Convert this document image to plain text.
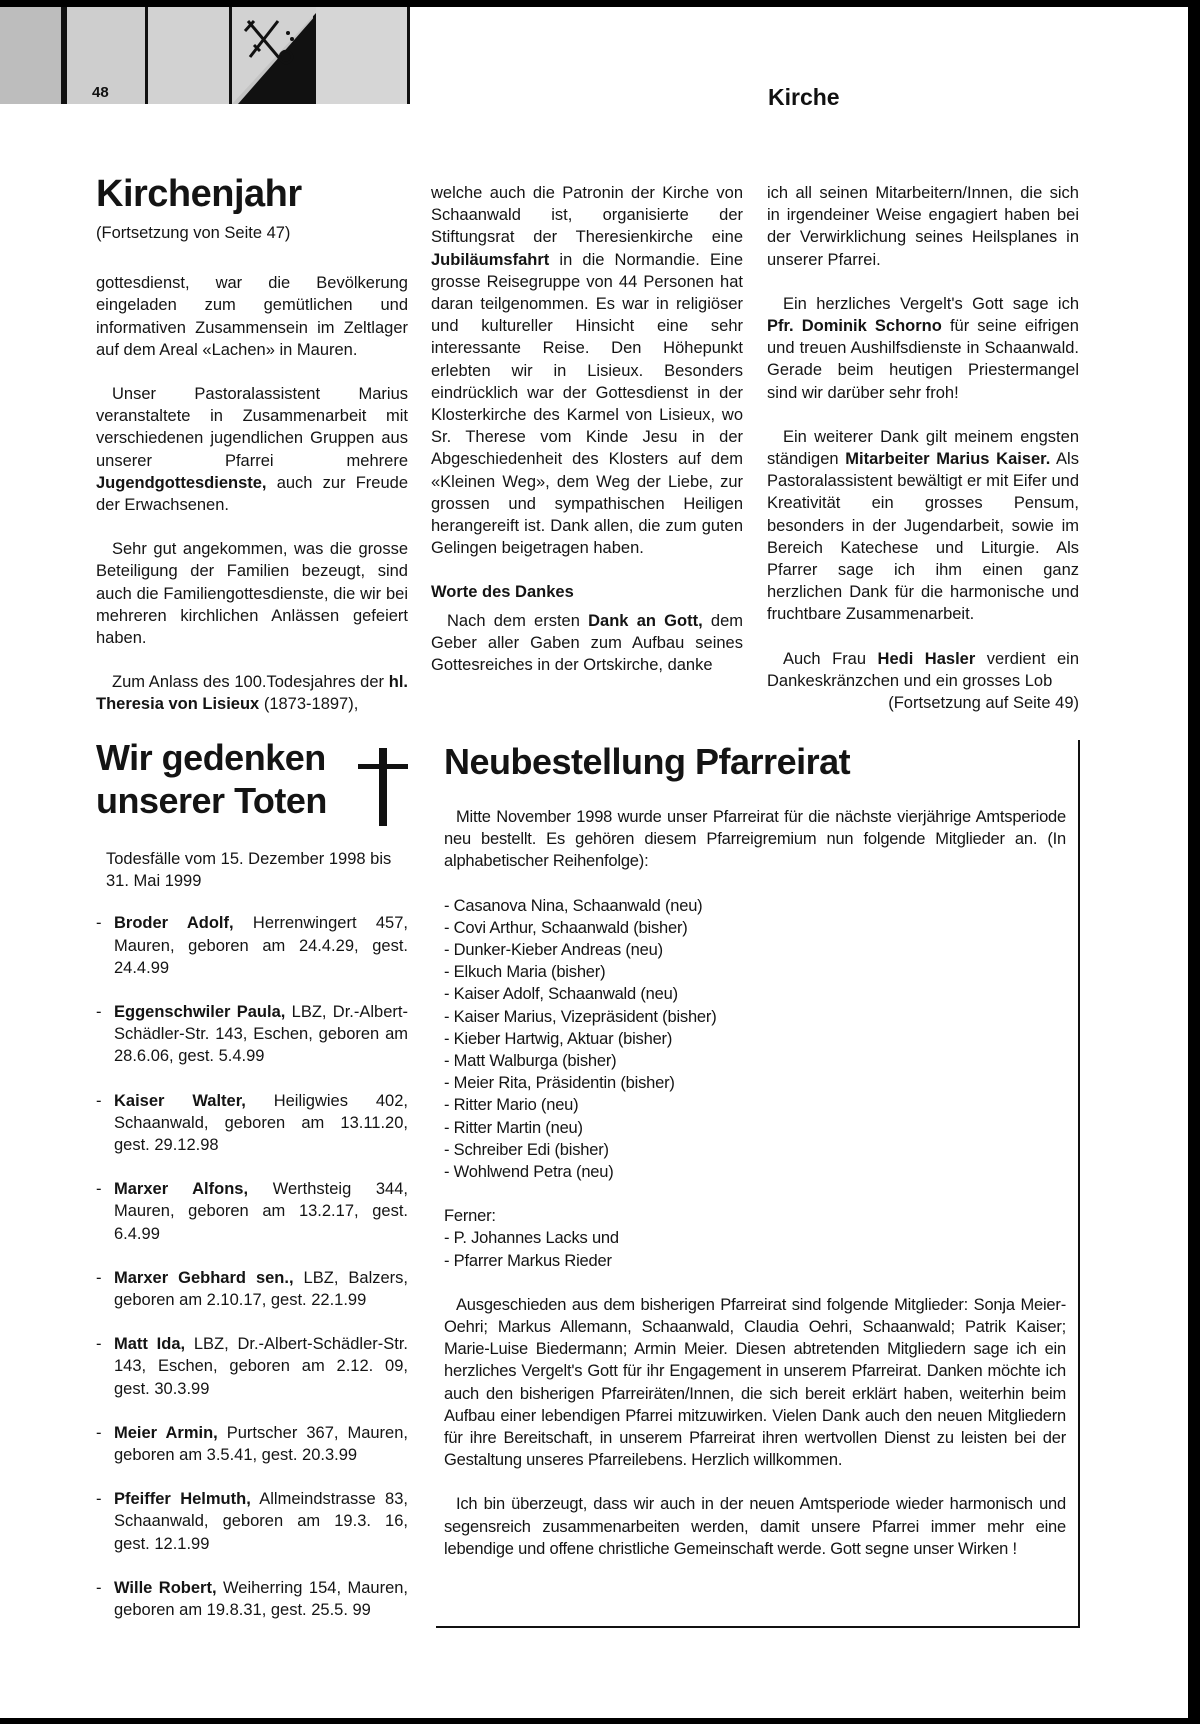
48	Kirche
Kirchenjahr

(Fortsetzung von Seite 47)

gottesdienst, war die Bevölkerung eingeladen zum gemütlichen und informativen Zusammensein im Zeltlager auf dem Areal «Lachen» in Mauren.

Unser Pastoralassistent Marius veranstaltete in Zusammenarbeit mit verschiedenen jugendlichen Gruppen aus unserer Pfarrei mehrere Jugendgottesdienste, auch zur Freude der Erwachsenen.

Sehr gut angekommen, was die grosse Beteiligung der Familien bezeugt, sind auch die Familiengottesdienste, die wir bei mehreren kirchlichen Anlässen gefeiert haben.

Zum Anlass des 100.Todesjahres der hl. Theresia von Lisieux (1873-1897),

welche auch die Patronin der Kirche von Schaanwald ist, organisierte der Stiftungsrat der Theresienkirche eine Jubiläumsfahrt in die Normandie. Eine grosse Reisegruppe von 44 Personen hat daran teilgenommen. Es war in religiöser und kultureller Hinsicht eine sehr interessante Reise. Den Höhepunkt erlebten wir in Lisieux. Besonders eindrücklich war der Gottesdienst in der Klosterkirche des Karmel von Lisieux, wo Sr. Therese vom Kinde Jesu in der Abgeschiedenheit des Klosters auf dem «Kleinen Weg», dem Weg der Liebe, zur grossen und sympathischen Heiligen herangereift ist. Dank allen, die zum guten Gelingen beigetragen haben.

Worte des Dankes

Nach dem ersten Dank an Gott, dem Geber aller Gaben zum Aufbau seines Gottesreiches in der Ortskirche, danke

ich all seinen Mitarbeitern/Innen, die sich in irgendeiner Weise engagiert haben bei der Verwirklichung seines Heilsplanes in unserer Pfarrei.

Ein herzliches Vergelt's Gott sage ich Pfr. Dominik Schorno für seine eifrigen und treuen Aushilfsdienste in Schaanwald. Gerade beim heutigen Priestermangel sind wir darüber sehr froh!

Ein weiterer Dank gilt meinem engsten ständigen Mitarbeiter Marius Kaiser. Als Pastoralassistent bewältigt er mit Eifer und Kreativität ein grosses Pensum, besonders in der Jugendarbeit, sowie im Bereich Katechese und Liturgie. Als Pfarrer sage ich ihm einen ganz herzlichen Dank für die harmonische und fruchtbare Zusammenarbeit.

Auch Frau Hedi Hasler verdient ein Dankeskränzchen und ein grosses Lob

(Fortsetzung auf Seite 49)

Wir gedenken
unserer Toten

Todesfälle vom 15. Dezember 1998 bis 31. Mai 1999

- Broder Adolf, Herrenwingert 457, Mauren, geboren am 24.4.29, gest. 24.4.99
- Eggenschwiler Paula, LBZ, Dr.-Albert-Schädler-Str. 143, Eschen, geboren am 28.6.06, gest. 5.4.99
- Kaiser Walter, Heiligwies 402, Schaanwald, geboren am 13.11.20, gest. 29.12.98
- Marxer Alfons, Werthsteig 344, Mauren, geboren am 13.2.17, gest. 6.4.99
- Marxer Gebhard sen., LBZ, Balzers, geboren am 2.10.17, gest. 22.1.99
- Matt Ida, LBZ, Dr.-Albert-Schädler-Str. 143, Eschen, geboren am 2.12. 09, gest. 30.3.99
- Meier Armin, Purtscher 367, Mauren, geboren am 3.5.41, gest. 20.3.99
- Pfeiffer Helmuth, Allmeindstrasse 83, Schaanwald, geboren am 19.3. 16, gest. 12.1.99
- Wille Robert, Weiherring 154, Mauren, geboren am 19.8.31, gest. 25.5. 99
Neubestellung Pfarreirat

Mitte November 1998 wurde unser Pfarreirat für die nächste vierjährige Amtsperiode neu bestellt. Es gehören diesem Pfarreigremium nun folgende Mitglieder an. (In alphabetischer Reihenfolge):

- Casanova Nina, Schaanwald (neu)
- Covi Arthur, Schaanwald (bisher)
- Dunker-Kieber Andreas (neu)
- Elkuch Maria (bisher)
- Kaiser Adolf, Schaanwald (neu)
- Kaiser Marius, Vizepräsident (bisher)
- Kieber Hartwig, Aktuar (bisher)
- Matt Walburga (bisher)
- Meier Rita, Präsidentin (bisher)
- Ritter Mario (neu)
- Ritter Martin (neu)
- Schreiber Edi (bisher)
- Wohlwend Petra (neu)

Ferner:

- P. Johannes Lacks und
- Pfarrer Markus Rieder

Ausgeschieden aus dem bisherigen Pfarreirat sind folgende Mitglieder: Sonja Meier-Oehri; Markus Allemann, Schaanwald, Claudia Oehri, Schaanwald; Patrik Kaiser; Marie-Luise Biedermann; Armin Meier. Diesen abtretenden Mitgliedern sage ich ein herzliches Vergelt's Gott für ihr Engagement in unserem Pfarreirat. Danken möchte ich auch den bisherigen Pfarreiräten/Innen, die sich bereit erklärt haben, weiterhin beim Aufbau einer lebendigen Pfarrei mitzuwirken. Vielen Dank auch den neuen Mitgliedern für ihre Bereitschaft, in unserem Pfarreirat ihren wertvollen Dienst zu leisten bei der Gestaltung unseres Pfarreilebens. Herzlich willkommen.

Ich bin überzeugt, dass wir auch in der neuen Amtsperiode wieder harmonisch und segensreich zusammenarbeiten werden, damit unsere Pfarrei immer mehr eine lebendige und offene christliche Gemeinschaft werde. Gott segne unser Wirken !
